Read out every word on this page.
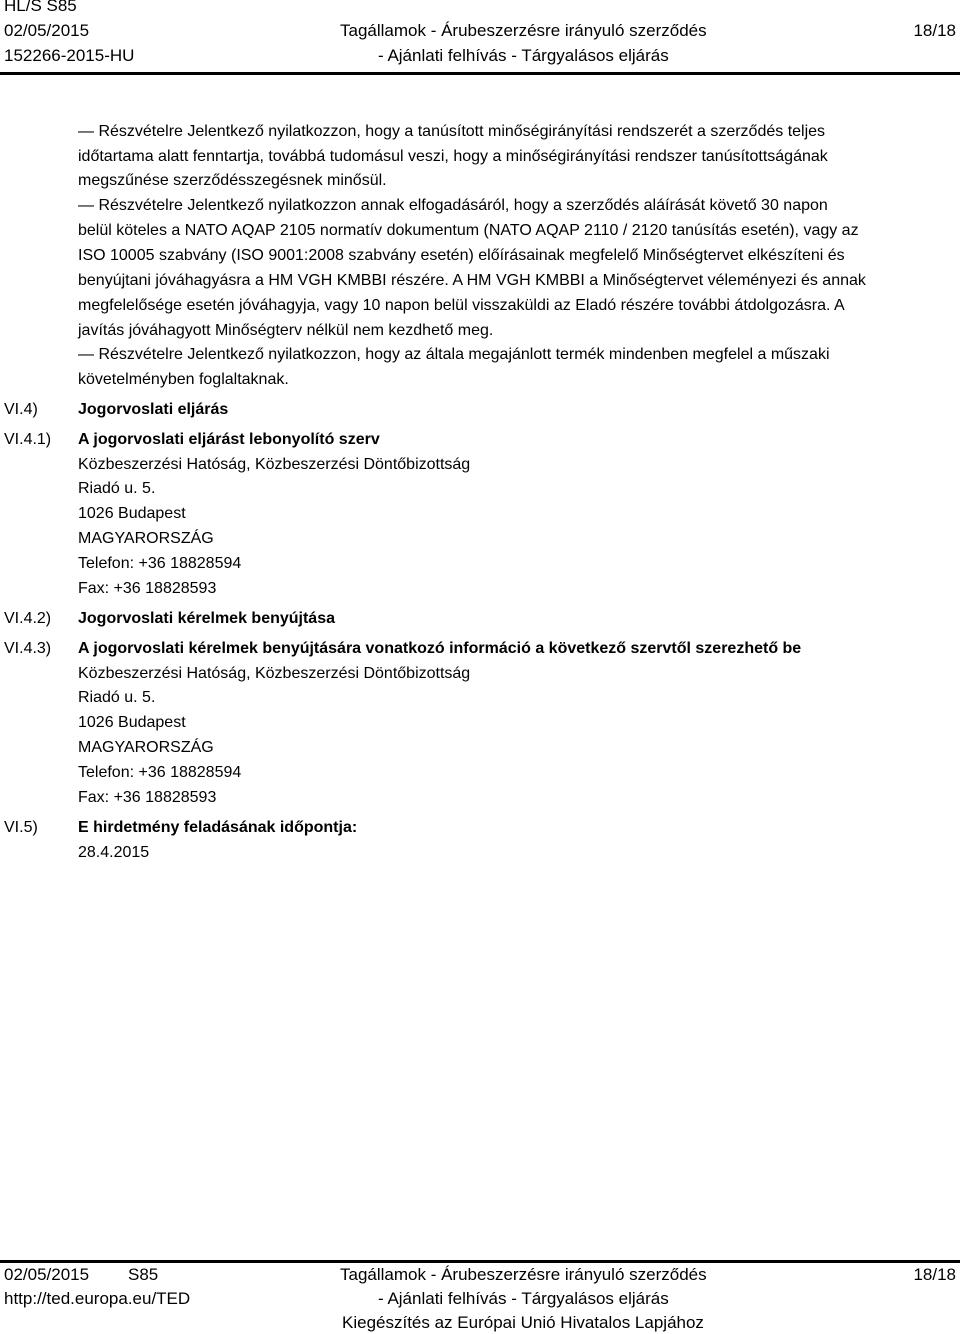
HL/S S85
02/05/2015
152266-2015-HU
Tagállamok - Árubeszerzésre irányuló szerződés
- Ajánlati felhívás - Tárgyalásos eljárás
18/18
— Részvételre Jelentkező nyilatkozzon, hogy a tanúsított minőségirányítási rendszerét a szerződés teljes
időtartama alatt fenntartja, továbbá tudomásul veszi, hogy a minőségirányítási rendszer tanúsítottságának
megszűnése szerződésszegésnek minősül.
— Részvételre Jelentkező nyilatkozzon annak elfogadásáról, hogy a szerződés aláírását követő 30 napon
belül köteles a NATO AQAP 2105 normatív dokumentum (NATO AQAP 2110 / 2120 tanúsítás esetén), vagy az
ISO 10005 szabvány (ISO 9001:2008 szabvány esetén) előírásainak megfelelő Minőségtervet elkészíteni és
benyújtani jóváhagyásra a HM VGH KMBBI részére. A HM VGH KMBBI a Minőségtervet véleményezi és annak
megfelelősége esetén jóváhagyja, vagy 10 napon belül visszaküldi az Eladó részére további átdolgozásra. A
javítás jóváhagyott Minőségterv nélkül nem kezdhető meg.
— Részvételre Jelentkező nyilatkozzon, hogy az általa megajánlott termék mindenben megfelel a műszaki
követelményben foglaltaknak.
VI.4)	Jogorvoslati eljárás
VI.4.1) A jogorvoslati eljárást lebonyolító szerv
Közbeszerzési Hatóság, Közbeszerzési Döntőbizottság
Riadó u. 5.
1026 Budapest
MAGYARORSZÁG
Telefon: +36 18828594
Fax: +36 18828593
VI.4.2) Jogorvoslati kérelmek benyújtása
VI.4.3) A jogorvoslati kérelmek benyújtására vonatkozó információ a következő szervtől szerezhető be
Közbeszerzési Hatóság, Közbeszerzési Döntőbizottság
Riadó u. 5.
1026 Budapest
MAGYARORSZÁG
Telefon: +36 18828594
Fax: +36 18828593
VI.5)	E hirdetmény feladásának időpontja:
28.4.2015
02/05/2015 S85
http://ted.europa.eu/TED
Tagállamok - Árubeszerzésre irányuló szerződés
- Ajánlati felhívás - Tárgyalásos eljárás
Kiegészítés az Európai Unió Hivatalos Lapjához
18/18
